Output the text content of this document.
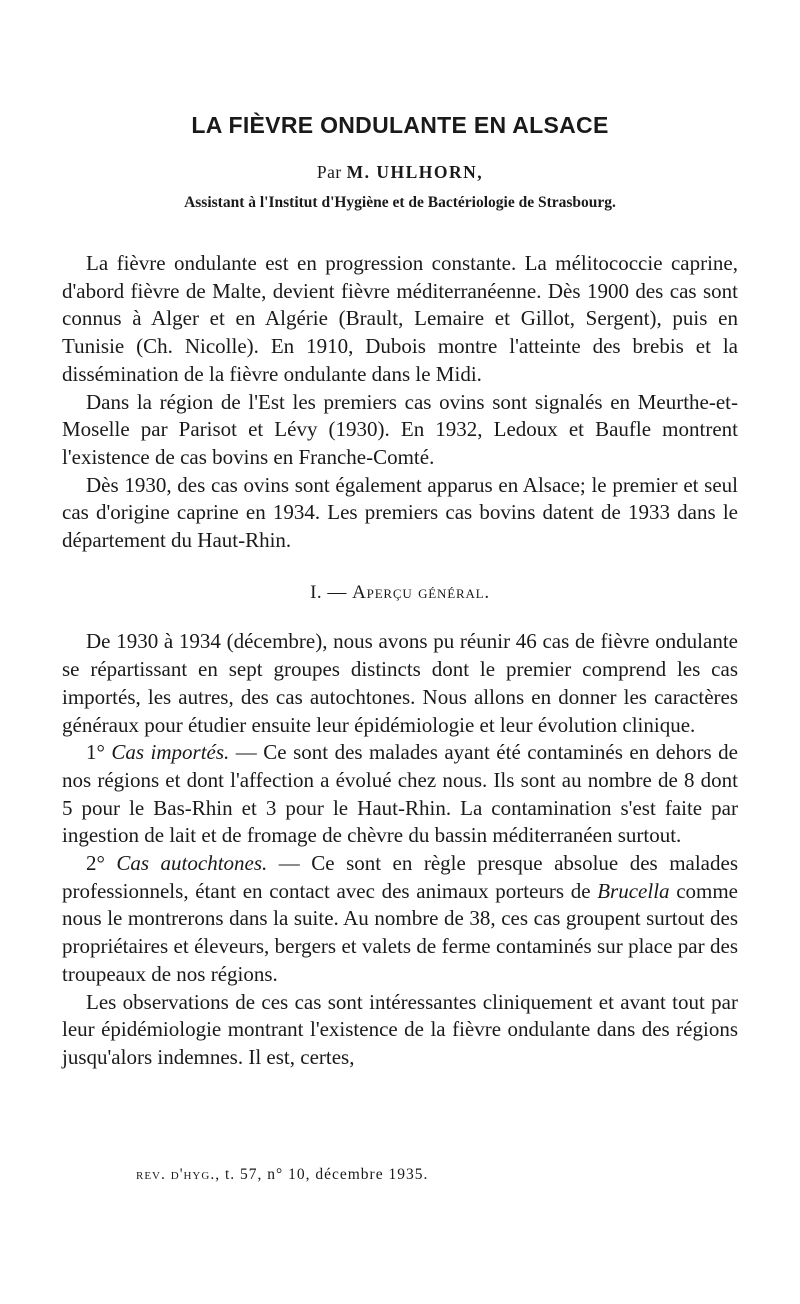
LA FIÈVRE ONDULANTE EN ALSACE
Par M. UHLHORN,
Assistant à l'Institut d'Hygiène et de Bactériologie de Strasbourg.

La fièvre ondulante est en progression constante. La mélitococcie caprine, d'abord fièvre de Malte, devient fièvre méditerranéenne. Dès 1900 des cas sont connus à Alger et en Algérie (Brault, Lemaire et Gillot, Sergent), puis en Tunisie (Ch. Nicolle). En 1910, Dubois montre l'atteinte des brebis et la dissémination de la fièvre ondulante dans le Midi.

Dans la région de l'Est les premiers cas ovins sont signalés en Meurthe-et-Moselle par Parisot et Lévy (1930). En 1932, Ledoux et Baufle montrent l'existence de cas bovins en Franche-Comté.

Dès 1930, des cas ovins sont également apparus en Alsace; le premier et seul cas d'origine caprine en 1934. Les premiers cas bovins datent de 1933 dans le département du Haut-Rhin.

I. — Aperçu général.

De 1930 à 1934 (décembre), nous avons pu réunir 46 cas de fièvre ondulante se répartissant en sept groupes distincts dont le premier comprend les cas importés, les autres, des cas autochtones. Nous allons en donner les caractères généraux pour étudier ensuite leur épidémiologie et leur évolution clinique.

1° Cas importés. — Ce sont des malades ayant été contaminés en dehors de nos régions et dont l'affection a évolué chez nous. Ils sont au nombre de 8 dont 5 pour le Bas-Rhin et 3 pour le Haut-Rhin. La contamination s'est faite par ingestion de lait et de fromage de chèvre du bassin méditerranéen surtout.

2° Cas autochtones. — Ce sont en règle presque absolue des malades professionnels, étant en contact avec des animaux porteurs de Brucella comme nous le montrerons dans la suite. Au nombre de 38, ces cas groupent surtout des propriétaires et éleveurs, bergers et valets de ferme contaminés sur place par des troupeaux de nos régions.

Les observations de ces cas sont intéressantes cliniquement et avant tout par leur épidémiologie montrant l'existence de la fièvre ondulante dans des régions jusqu'alors indemnes. Il est, certes,

rev. d'hyg., t. 57, n° 10, décembre 1935.
